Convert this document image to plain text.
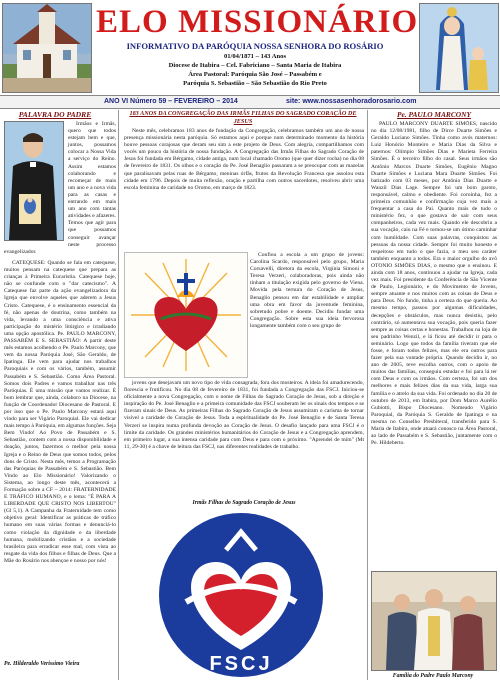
ELO MISSIONÁRIO
INFORMATIVO DA PARÓQUIA NOSSA SENHORA DO ROSÁRIO
01/04/1871 – 143 Anos
Diocese de Itabira – Cel. Fabriciano – Santa Maria de Itabira
Área Pastoral: Paróquia São José – Passabém e
Paróquia S. Sebastião – São Sebastião do Rio Preto
ANO VI Número 59 – FEVEREIRO – 2014	site: www.nossasenhoradorosario.com
PALAVRA DO PADRE

Irmãos e Irmãs, quero que todos estejam bem e que, juntos, possamos colocar a Nossa Vida a serviço do Reino. Assim estamos colaborando e recomeçar de mais um ano e a nova vida para as casas e entrando em mais um ano com tantas atividades e afazeres. Temos que agir para que possamos conseguir avançar neste processo evangelizador.

CATEQUESE: Quando se fala em catequese, muitos pensam na catequese que prepara as crianças à Primeira Eucaristia. Catequese hoje, não se confunde com o "dar catecismo". A Catequese faz parte da ação evangelizadora da Igreja que envolve aqueles que aderem a Jesus Cristo. Catequese, é o ensinamento essencial da fé, não apenas de doutrina, como também na vida, levando a uma consciência e ativa participação do mistério litúrgico e irradiando uma opção apostólica. Pe. PAULO MARCONY, PASSABÉM E S. SEBASTIÃO: A partir deste mês estamos acolhendo o Pe. Paulo Marcony, que vem da nossa Paróquia José, São Geraldo, de Ipatinga. Ele vem para ajudar nos trabalhos Paroquiais e com os vários, também, assumir Passabém e S. Sebastião. Como Área Pastoral. Somos dois Padres e vamos trabalhar nas três Paróquias. É uma missão que vamos realizar. É bom lembrar que, ainda, colaboro na Diocese, na função de Coordenador Diocesano de Pastoral. E por isso que o Pe. Paulo Marcony estará aqui vindo para ser Vigário Paroquial. Ele vai dedicar mais tempo à Paróquia, em algumas funções. Seja Bem Vindo! Ao Povo de Passabém e S. Sebastião, contem com a nossa disponibilidade e doação, juntos, fazermos o melhor pela nossa Igreja e o Reino de Deus que somos todos, pelos dons de Cristo. Nesta mês, temos a Programação das Paróquias de Passabém e S. Sebastião. Bem Vindo ao Elo Missionário! Valorizando o Sistema, ao longo deste mês, acontecerá a Formação sobre a CF – 2014: FRATERNIDADE E TRÁFICO HUMANO, e o lema: "É PARA A LIBERDADE QUE CRISTO NOS LIBERTOU" (Gl 5,1). A Campanha da Fraternidade tem como objetivo geral: Identificar as práticas de tráfico humano em suas várias formas e denunciá-lo como violação da dignidade e da liberdade humana, mobilizando cristãos e a sociedade brasileira para erradicar esse mal, com vista ao resgate da vida dos filhos e filhas de Deus. Que a Mãe do Rosário nos abençoe e nosso por nós!

Pe. Hilderaldo Verissimo Vieira
183 ANOS DA CONGREGAÇÃO DAS IRMÃS FILHAS DO SAGRADO CORAÇÃO DE JESUS

Neste mês, celebramos 183 anos de fundação da Congregação, celebramos também um ano de nossa presença missionária nesta paróquia. Só estamos aqui e porque num determinado momento da história houve pessoas corajosas que deram seu sim a este projeto de Deus. Com alegria, compartilhamos com vocês um pouco da história de nossa fundação. A Congregação das Irmãs Filhas do Sagrado Coração de Jesus foi fundada em Bérgamo, cidade antiga, num local chamado Oromo (que quer dizer rocha) no dia 08 de fevereiro de 1831. Os olhos e o coração do Pe. José Benaglio passaram a se preocupar com as mazelas que paralisavam pelas ruas de Bérgamo, meninas órfãs, frutos da Revolução Francesa que assolou esta cidade em 1796. Depois de muita reflexão, oração e partilha com outros sacerdotes, resolveu abrir uma escola feminina de caridade no Oromo, em março de 1823.

Confiou a escola a um grupo de jovens: Carolina Scardo, responsável pelo grupo, Maria Corsavelli, diretora da escola, Virgínia Simoni e Teresa Verzeri, colaboradoras, pois ainda não tinham a titulação exigida pelo governo de Viena. Movida pela ternura do Coração de Jesus, Benaglio pensou em dar estabilidade e ampliar uma obra em favor da juventude feminina, sobretudo pobre e doente. Decidiu fundar uma Congregação. Sobre esta sua ideia fervorosa longamente também com o seu grupo de

jovens que desejavam um novo tipo de vida consagrada, fora dos mosteiros. A ideia foi amadurecendo, florescia e frutificou. No dia 08 de fevereiro de 1831, foi fundada a Congregação das FSCJ. Iniciou-se oficialmente a nova Congregação, com o nome de Filhas do Sagrado Coração de Jesus, sob a direção e inspiração do Pe. José Benaglio e a primeira comunidade das FSCJ souberam ler os sinais dos tempos e se fizeram sinais de Deus. As primeiras Filhas do Sagrado Coração de Jesus assumiram o carisma de tornar visível a caridade do Coração de Jesus. Toda a espiritualidade do Pe. José Benaglio e de Santa Teresa Verzeri se inspira numa profunda devoção ao Coração de Jesus. O desafio lançado para uma FSCJ é o limite da caridade. Os grandes ministérios humanitários do Coração de Jesus e a Congregação aprendem, em primeiro lugar, a sua intensa caridade para com Deus e para com o próximo. "Aprendei de mim" (Mt 11, 29-30) é a chave de leitura das FSCJ, nas diferentes realidades de trabalho.

Irmãs Filhas do Sagrado Coração de Jesus
FSCJ
Pe. PAULO MARCONY

PAULO MARCONY DUARTE SIMÕES, nascido no dia 12/08/1981, filho de Dirce Duarte Simões e Geraldo Luciano Simões. Tinha como avós maternos: Luiz Honório Monteiro e Maria Dias da Silva e paternos: Olímpio Simões Dias e Marieta Ferreira Simões. É o terceiro filho do casal. Seus irmãos são Antônio Marcos Duarte Simões, Eugênio Magno Duarte Simões e Luciana Mara Duarte Simões. Foi batizado com 03 meses, por Antônio Dias Duarte e Wanzil Dias Lage. Sempre foi um bom garoto, responsável, calmo e obediente. Foi coroinha, fez a primeira comunhão e confirmação cuja vez mais a frequentar a casa do Pai. Quanto mais de tudo o ministério fez, o que gostava de sair com seus companheiros, cada vez mais. Quando ele descobriu a sua vocação, caiu na Fé e tornou-se um ótimo caminhar com humildade. Com suas palavras, conquistou as pessoas da nossa cidade. Sempre foi muito honesto e respeitoso em tudo o que fazia, o meu seu caráter também enquanto a todos. Era o maior orgulho do avô OTONIO SIMÕES DIAS, o mesmo que o ensinou. E ainda com 18 anos, continuou a ajudar na Igreja, cada vez mais. Foi presidente da Conferência de São Vicente de Paulo, Legionário, e do Movimento de Jovens, sempre atuante e nos muitos com as coisas de Deus e para Deus. No fundo, tinha a certeza do que queria. Ao mesmo tempo, passou por algumas dificuldades, decepções e obstáculos, mas nunca desistiu, pelo contrário, só aumentava sua vocação, pois queria fazer sempre as coisas certas e honestas. Trabalhou na loja de seu padrinho Wenzil, e lá ficou até decidir ir para o seminário. Logo que todos da família tiveram que ele fosse, e foram todos felizes, mas ele era outros para fazer pela sua vontade própria. Quando decidiu ir, no ano de 2005, teve escolha outros, com o apoio de muitos das famílias, conseguiu estudar e foi para lá ter com Deus e com os irmãos. Com certeza, foi um dos melhores e mais felizes dias da sua vida, larga sua família e o atrelo da sua vida. Foi ordenado no dia 20 de outubro de 2013, em Itabira, por Dom Marco Aurélio Gubiotti, Bispo Diocesano. Nomeado Vigário Paroquial, da Paróquia S. Geraldo de Ipatinga e na mesma no Conselho Presbiteral, transferido para S. Maria de Itabira, onde atuará conosco na Área Pastoral, ao lado de Passabém e S. Sebastião, juntamente com o Pe. Hildeberto.

Família do Padre Paulo Marcony
